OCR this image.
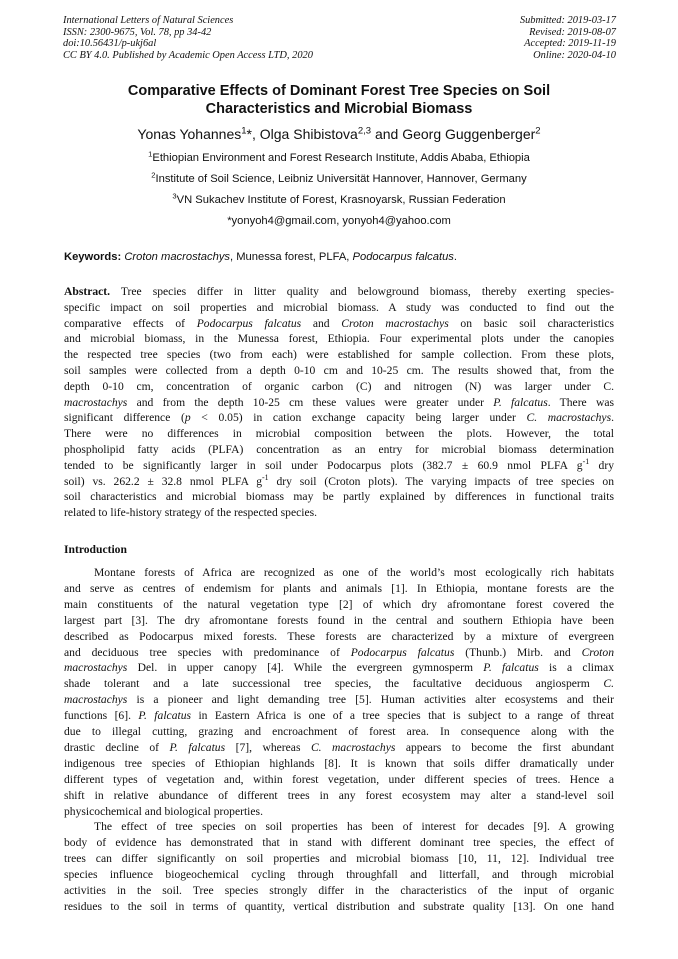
International Letters of Natural Sciences
ISSN: 2300-9675, Vol. 78, pp 34-42
doi:10.56431/p-ukj6al
CC BY 4.0. Published by Academic Open Access LTD, 2020
Submitted: 2019-03-17
Revised: 2019-08-07
Accepted: 2019-11-19
Online: 2020-04-10
Comparative Effects of Dominant Forest Tree Species on Soil
Characteristics and Microbial Biomass
Yonas Yohannes$^1$*, Olga Shibistova$^{2,3}$ and Georg Guggenberger$^2$
$^1$Ethiopian Environment and Forest Research Institute, Addis Ababa, Ethiopia
$^2$Institute of Soil Science, Leibniz Universität Hannover, Hannover, Germany
$^3$VN Sukachev Institute of Forest, Krasnoyarsk, Russian Federation
*yonyoh4@gmail.com, yonyoh4@yahoo.com
Keywords: Croton macrostachys, Munessa forest, PLFA, Podocarpus falcatus.
Abstract. Tree species differ in litter quality and belowground biomass, thereby exerting species-
specific impact on soil properties and microbial biomass. A study was conducted to find out the
comparative effects of Podocarpus falcatus and Croton macrostachys on basic soil characteristics
and microbial biomass, in the Munessa forest, Ethiopia. Four experimental plots under the canopies
the respected tree species (two from each) were established for sample collection. From these plots,
soil samples were collected from a depth 0-10 cm and 10-25 cm. The results showed that, from the
depth 0-10 cm, concentration of organic carbon (C) and nitrogen (N) was larger under C.
macrostachys and from the depth 10-25 cm these values were greater under P. falcatus. There was
significant difference (p < 0.05) in cation exchange capacity being larger under C. macrostachys.
There were no differences in microbial composition between the plots. However, the total
phospholipid fatty acids (PLFA) concentration as an entry for microbial biomass determination
tended to be significantly larger in soil under Podocarpus plots (382.7 ± 60.9 nmol PLFA $g^{-1}$ dry
soil) vs. 262.2 ± 32.8 nmol PLFA $g^{-1}$ dry soil (Croton plots). The varying impacts of tree species on
soil characteristics and microbial biomass may be partly explained by differences in functional traits
related to life-history strategy of the respected species.
Introduction
Montane forests of Africa are recognized as one of the world’s most ecologically rich habitats
and serve as centres of endemism for plants and animals [1]. In Ethiopia, montane forests are the
main constituents of the natural vegetation type [2] of which dry afromontane forest covered the
largest part [3]. The dry afromontane forests found in the central and southern Ethiopia have been
described as Podocarpus mixed forests. These forests are characterized by a mixture of evergreen
and deciduous tree species with predominance of Podocarpus falcatus (Thunb.) Mirb. and Croton
macrostachys Del. in upper canopy [4]. While the evergreen gymnosperm P. falcatus is a climax
shade tolerant and a late successional tree species, the facultative deciduous angiosperm C.
macrostachys is a pioneer and light demanding tree [5]. Human activities alter ecosystems and their
functions [6]. P. falcatus in Eastern Africa is one of a tree species that is subject to a range of threat
due to illegal cutting, grazing and encroachment of forest area. In consequence along with the
drastic decline of P. falcatus [7], whereas C. macrostachys appears to become the first abundant
indigenous tree species of Ethiopian highlands [8]. It is known that soils differ dramatically under
different types of vegetation and, within forest vegetation, under different species of trees. Hence a
shift in relative abundance of different trees in any forest ecosystem may alter a stand-level soil
physicochemical and biological properties.
The effect of tree species on soil properties has been of interest for decades [9]. A growing
body of evidence has demonstrated that in stand with different dominant tree species, the effect of
trees can differ significantly on soil properties and microbial biomass [10, 11, 12]. Individual tree
species influence biogeochemical cycling through throughfall and litterfall, and through microbial
activities in the soil. Tree species strongly differ in the characteristics of the input of organic
residues to the soil in terms of quantity, vertical distribution and substrate quality [13]. On one hand
